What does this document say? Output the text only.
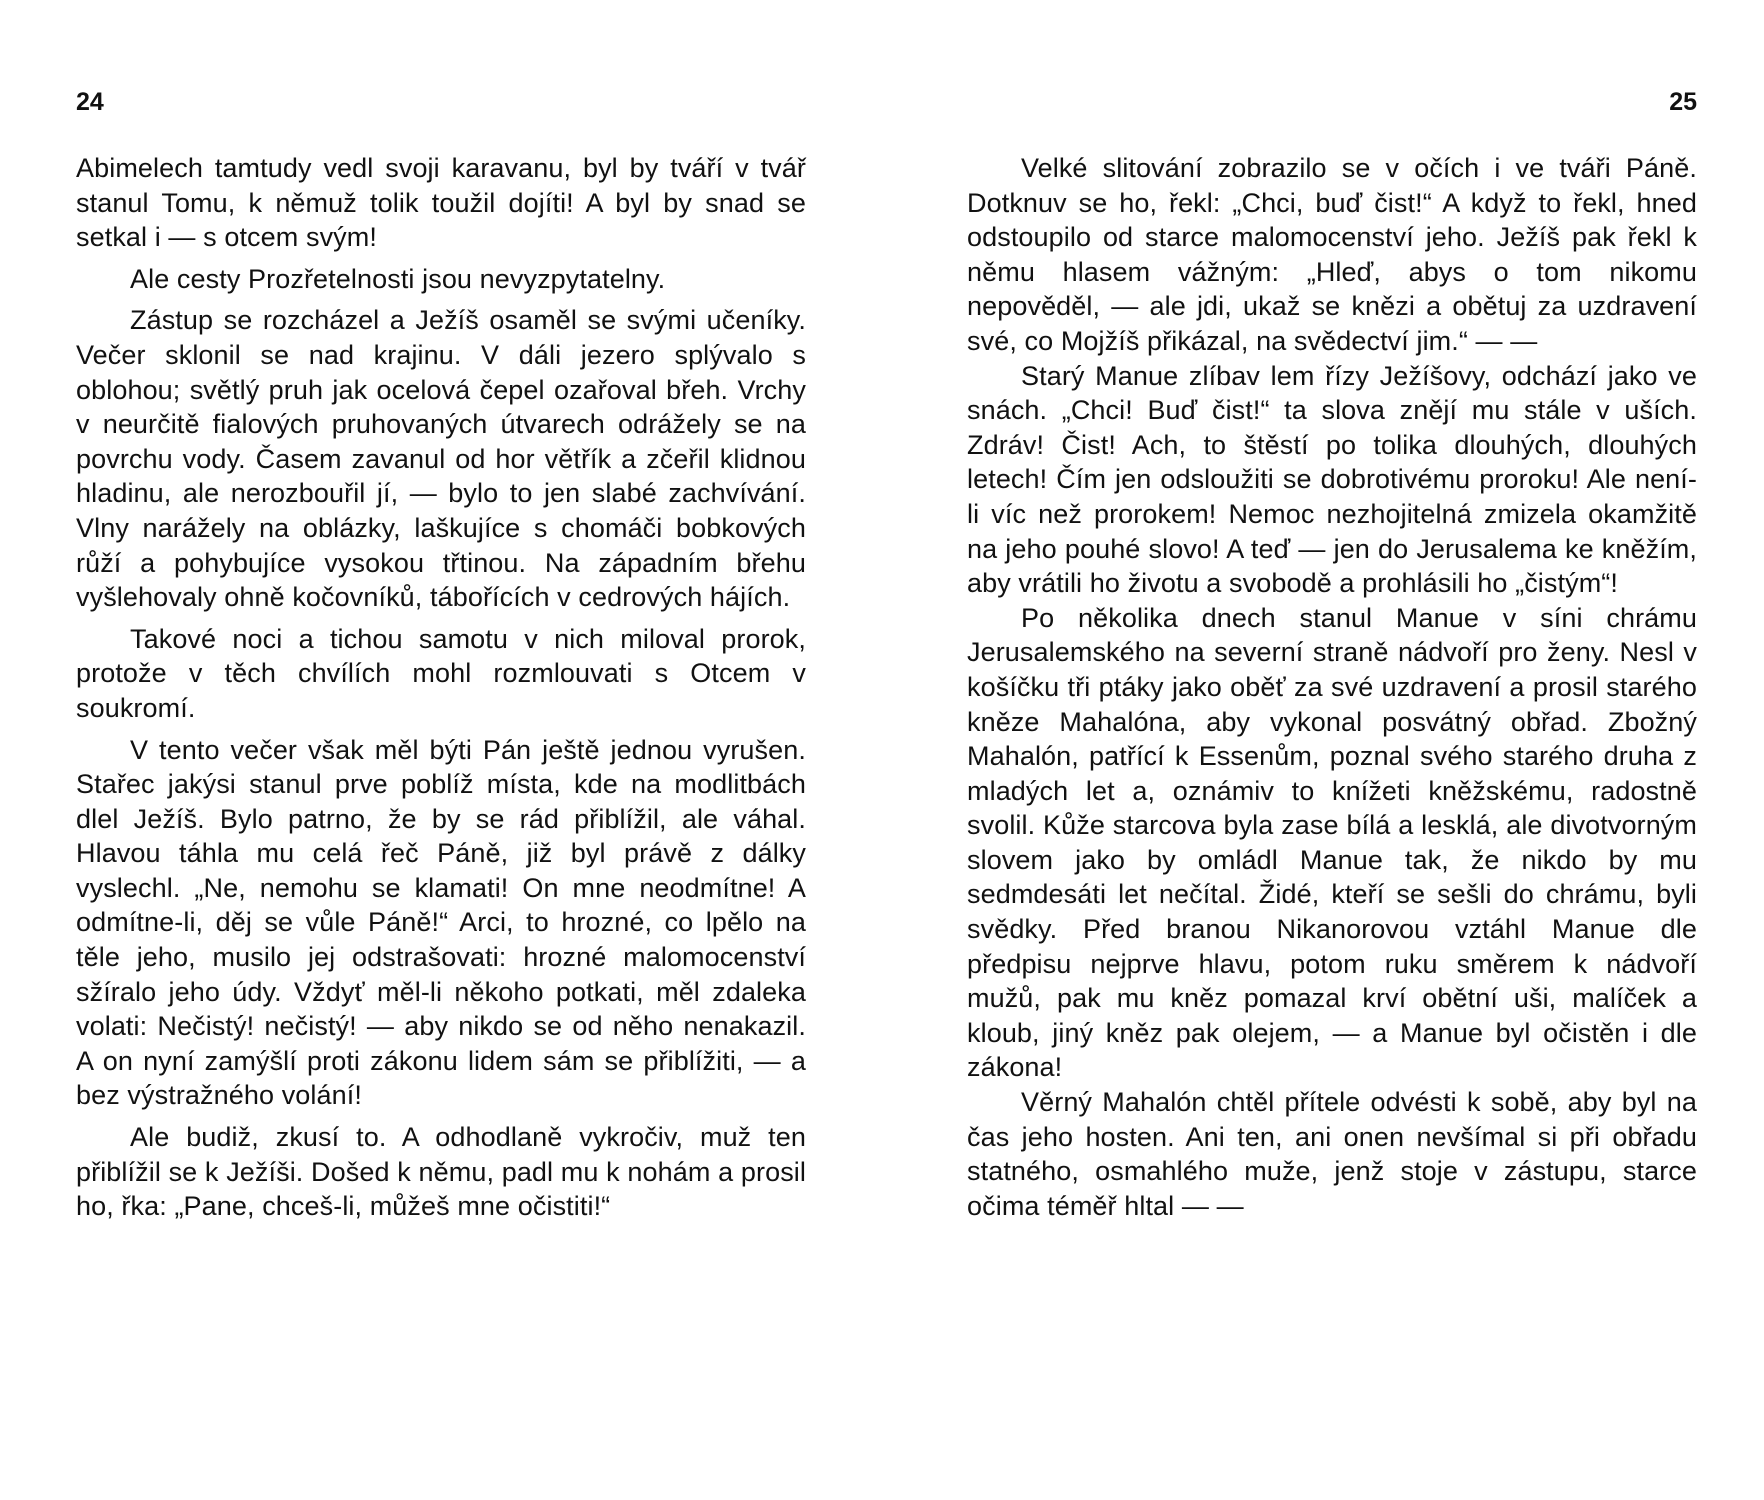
24

Abimelech tamtudy vedl svoji karavanu, byl by tváří v tvář stanul Tomu, k němuž tolik toužil dojíti! A byl by snad se setkal i — s otcem svým!

Ale cesty Prozřetelnosti jsou nevyzpytatelny.

Zástup se rozcházel a Ježíš osaměl se svými učeníky. Večer sklonil se nad krajinu. V dáli jezero splývalo s oblohou; světlý pruh jak ocelová čepel ozařoval břeh. Vrchy v neurčitě fialových pruhovaných útvarech odrážely se na povrchu vody. Časem zavanul od hor větřík a zčeřil klidnou hladinu, ale nerozbouřil jí, — bylo to jen slabé zachvívání. Vlny narážely na oblázky, laškujíce s chomáči bobkových růží a pohybujíce vysokou třtinou. Na západním břehu vyšlehovaly ohně kočovníků, tábořících v cedrových hájích.

Takové noci a tichou samotu v nich miloval prorok, protože v těch chvílích mohl rozmlouvati s Otcem v soukromí.

V tento večer však měl býti Pán ještě jednou vyrušen. Stařec jakýsi stanul prve poblíž místa, kde na modlitbách dlel Ježíš. Bylo patrno, že by se rád přiblížil, ale váhal. Hlavou táhla mu celá řeč Páně, již byl právě z dálky vyslechl. „Ne, nemohu se klamati! On mne neodmítne! A odmítne-li, děj se vůle Páně!“ Arci, to hrozné, co lpělo na těle jeho, musilo jej odstrašovati: hrozné malomocenství sžíralo jeho údy. Vždyť měl-li někoho potkati, měl zdaleka volati: Nečistý! nečistý! — aby nikdo se od něho nenakazil. A on nyní zamýšlí proti zákonu lidem sám se přiblížiti, — a bez výstražného volání!

Ale budiž, zkusí to. A odhodlaně vykročiv, muž ten přiblížil se k Ježíši. Došed k němu, padl mu k nohám a prosil ho, řka: „Pane, chceš-li, můžeš mne očistiti!“

25

Velké slitování zobrazilo se v očích i ve tváři Páně. Dotknuv se ho, řekl: „Chci, buď čist!“ A když to řekl, hned odstoupilo od starce malomocenství jeho. Ježíš pak řekl k němu hlasem vážným: „Hleď, abys o tom nikomu nepověděl, — ale jdi, ukaž se knězi a obětuj za uzdravení své, co Mojžíš přikázal, na svědectví jim.“ — —

Starý Manue zlíbav lem řízy Ježíšovy, odchází jako ve snách. „Chci! Buď čist!“ ta slova znějí mu stále v uších. Zdráv! Čist! Ach, to štěstí po tolika dlouhých, dlouhých letech! Čím jen odsloužiti se dobrotivému proroku! Ale není-li víc než prorokem! Nemoc nezhojitelná zmizela okamžitě na jeho pouhé slovo! A teď — jen do Jerusalema ke kněžím, aby vrátili ho životu a svobodě a prohlásili ho „čistým“!

Po několika dnech stanul Manue v síni chrámu Jerusalemského na severní straně nádvoří pro ženy. Nesl v košíčku tři ptáky jako oběť za své uzdravení a prosil starého kněze Mahalóna, aby vykonal posvátný obřad. Zbožný Mahalón, patřící k Essenům, poznal svého starého druha z mladých let a, oznámiv to knížeti kněžskému, radostně svolil. Kůže starcova byla zase bílá a lesklá, ale divotvorným slovem jako by omládl Manue tak, že nikdo by mu sedmdesáti let nečítal. Židé, kteří se sešli do chrámu, byli svědky. Před branou Nikanorovou vztáhl Manue dle předpisu nejprve hlavu, potom ruku směrem k nádvoří mužů, pak mu kněz pomazal krví obětní uši, malíček a kloub, jiný kněz pak olejem, — a Manue byl očistěn i dle zákona!

Věrný Mahalón chtěl přítele odvésti k sobě, aby byl na čas jeho hosten. Ani ten, ani onen nevšímal si při obřadu statného, osmahlého muže, jenž stoje v zástupu, starce očima téměř hltal — —
